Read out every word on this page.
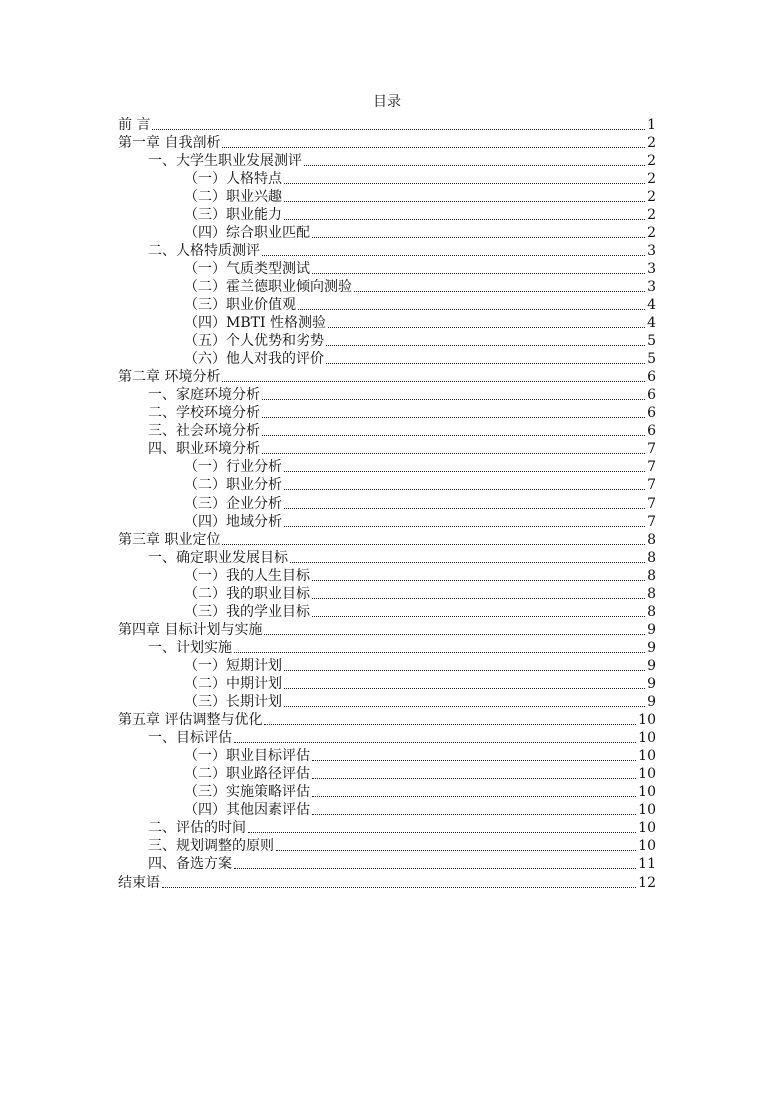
目录
前 言	1
第一章 自我剖析	2
一、大学生职业发展测评	2
（一）人格特点	2
（二）职业兴趣	2
（三）职业能力	2
（四）综合职业匹配	2
二、人格特质测评	3
（一）气质类型测试	3
（二）霍兰德职业倾向测验	3
（三）职业价值观	4
（四）MBTI 性格测验	4
（五）个人优势和劣势	5
（六）他人对我的评价	5
第二章 环境分析	6
一、家庭环境分析	6
二、学校环境分析	6
三、社会环境分析	6
四、职业环境分析	7
（一）行业分析	7
（二）职业分析	7
（三）企业分析	7
（四）地域分析	7
第三章 职业定位	8
一、确定职业发展目标	8
（一）我的人生目标	8
（二）我的职业目标	8
（三）我的学业目标	8
第四章 目标计划与实施	9
一、计划实施	9
（一）短期计划	9
（二）中期计划	9
（三）长期计划	9
第五章 评估调整与优化	10
一、目标评估	10
（一）职业目标评估	10
（二）职业路径评估	10
（三）实施策略评估	10
（四）其他因素评估	10
二、评估的时间	10
三、规划调整的原则	10
四、备选方案	11
结束语	12
